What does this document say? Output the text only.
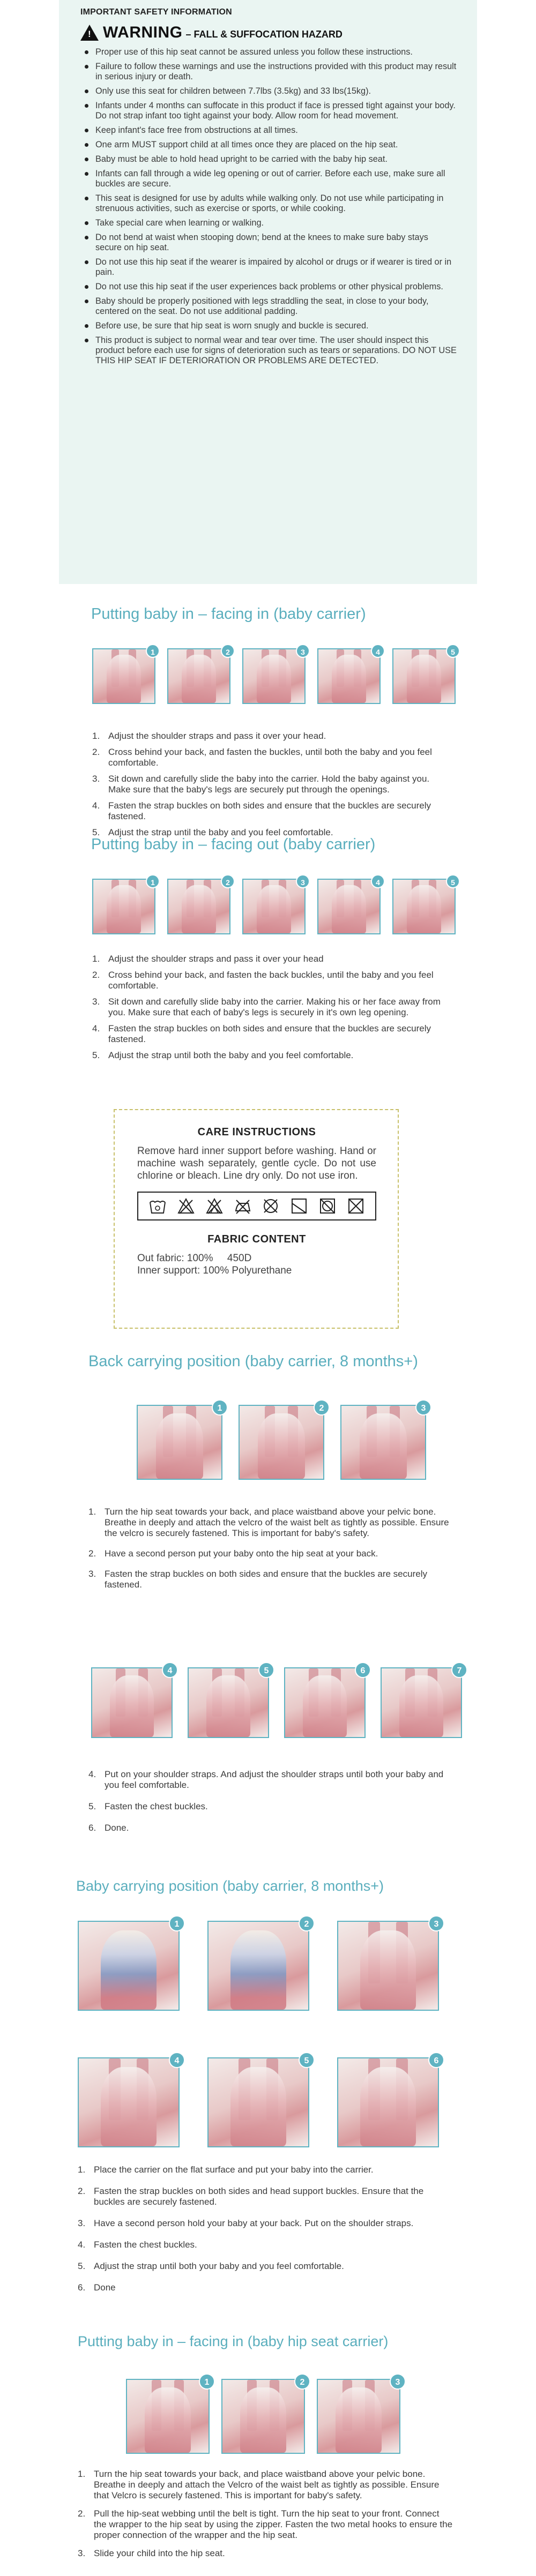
IMPORTANT SAFETY INFORMATION
!
WARNING – FALL & SUFFOCATION HAZARD
Proper use of this hip seat cannot be assured unless you follow these instructions.
Failure to follow these warnings and use the instructions provided with this product may result in serious injury or death.
Only use this seat for children between 7.7lbs (3.5kg) and 33 lbs(15kg).
Infants under 4 months can suffocate in this product if face is pressed tight against your body. Do not strap infant too tight against your body. Allow room for head movement.
Keep infant's face free from obstructions at all times.
One arm MUST support child at all times once they are placed on the hip seat.
Baby must be able to hold head upright to be carried with the baby hip seat.
Infants can fall through a wide leg opening or out of carrier. Before each use, make sure all buckles are secure.
This seat is designed for use by adults while walking only. Do not use while participating in strenuous activities, such as exercise or sports, or while cooking.
Take special care when learning or walking.
Do not bend at waist when stooping down; bend at the knees to make sure baby stays secure on hip seat.
Do not use this hip seat if the wearer is impaired by alcohol or drugs or if wearer is tired or in pain.
Do not use this hip seat if the user experiences back problems or other physical problems.
Baby should be properly positioned with legs straddling the seat, in close to your body, centered on the seat. Do not use additional padding.
Before use, be sure that hip seat is worn snugly and buckle is secured.
This product is subject to normal wear and tear over time. The user should inspect this product before each use for signs of deterioration such as tears or separations. DO NOT USE THIS HIP SEAT IF DETERIORATION OR PROBLEMS ARE DETECTED.
Putting baby in – facing in (baby carrier)
1	2	3	4	5
1. Adjust the shoulder straps and pass it over your head.
2. Cross behind your back, and fasten the buckles, until both the baby and you feel comfortable.
3. Sit down and carefully slide the baby into the carrier. Hold the baby against you. Make sure that the baby's legs are securely put through the openings.
4. Fasten the strap buckles on both sides and ensure that the buckles are securely fastened.
5. Adjust the strap until the baby and you feel comfortable.
Putting baby in – facing out (baby carrier)
1	2	3	4	5
1. Adjust the shoulder straps and pass it over your head
2. Cross behind your back, and fasten the back buckles, until the baby and you feel comfortable.
3. Sit down and carefully slide baby into the carrier. Making his or her face away from you. Make sure that each of baby's legs is securely in it's own leg opening.
4. Fasten the strap buckles on both sides and ensure that the buckles are securely fastened.
5. Adjust the strap until both the baby and you feel comfortable.
CARE INSTRUCTIONS

Remove hard inner support before washing. Hand or machine wash separately, gentle cycle. Do not use chlorine or bleach. Line dry only. Do not use iron.

FABRIC CONTENT
Out fabric: 100%     450D
Inner support: 100% Polyurethane
Back carrying position (baby carrier, 8 months+)
1	2	3
1. Turn the hip seat towards your back, and place waistband above your pelvic bone. Breathe in deeply and attach the velcro of the waist belt as tightly as possible. Ensure the velcro is securely fastened. This is important for baby's safety.
2. Have a second person put your baby onto the hip seat at your back.
3. Fasten the strap buckles on both sides and ensure that the buckles are securely fastened.
4	5	6	7
4. Put on your shoulder straps. And adjust the shoulder straps until both your baby and you feel comfortable.
5. Fasten the chest buckles.
6. Done.
Baby carrying position (baby carrier, 8 months+)
1	2	3
4	5	6
1. Place the carrier on the flat surface and put your baby into the carrier.
2. Fasten the strap buckles on both sides and head support buckles. Ensure that the buckles are securely fastened.
3. Have a second person hold your baby at your back. Put on the shoulder straps.
4. Fasten the chest buckles.
5. Adjust the strap until both your baby and you feel comfortable.
6. Done
Putting baby in – facing in (baby hip seat carrier)
1	2	3
1. Turn the hip seat towards your back, and place waistband above your pelvic bone. Breathe in deeply and attach the Velcro of the waist belt as tightly as possible. Ensure that Velcro is securely fastened. This is important for baby's safety.
2. Pull the hip-seat webbing until the belt is tight. Turn the hip seat to your front. Connect the wrapper to the hip seat by using the zipper. Fasten the two metal hooks to ensure the proper connection of the wrapper and the hip seat.
3. Slide your child into the hip seat.
